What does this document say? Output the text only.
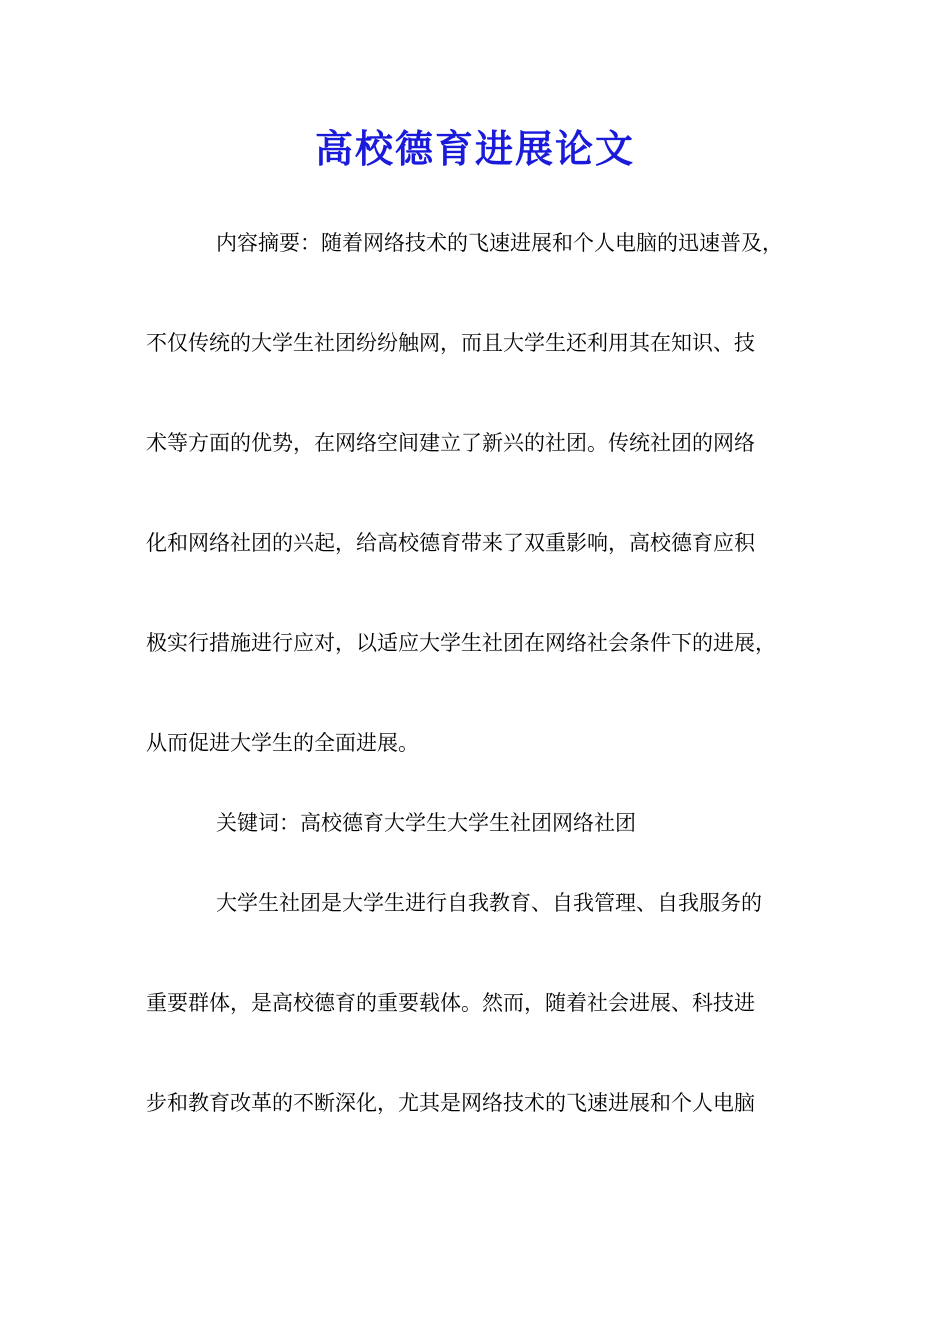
高校德育进展论文
内容摘要：随着网络技术的飞速进展和个人电脑的迅速普及，
不仅传统的大学生社团纷纷触网，而且大学生还利用其在知识、技
术等方面的优势，在网络空间建立了新兴的社团。传统社团的网络
化和网络社团的兴起，给高校德育带来了双重影响，高校德育应积
极实行措施进行应对，以适应大学生社团在网络社会条件下的进展，
从而促进大学生的全面进展。
关键词：高校德育大学生大学生社团网络社团
大学生社团是大学生进行自我教育、自我管理、自我服务的
重要群体，是高校德育的重要载体。然而，随着社会进展、科技进
步和教育改革的不断深化，尤其是网络技术的飞速进展和个人电脑
